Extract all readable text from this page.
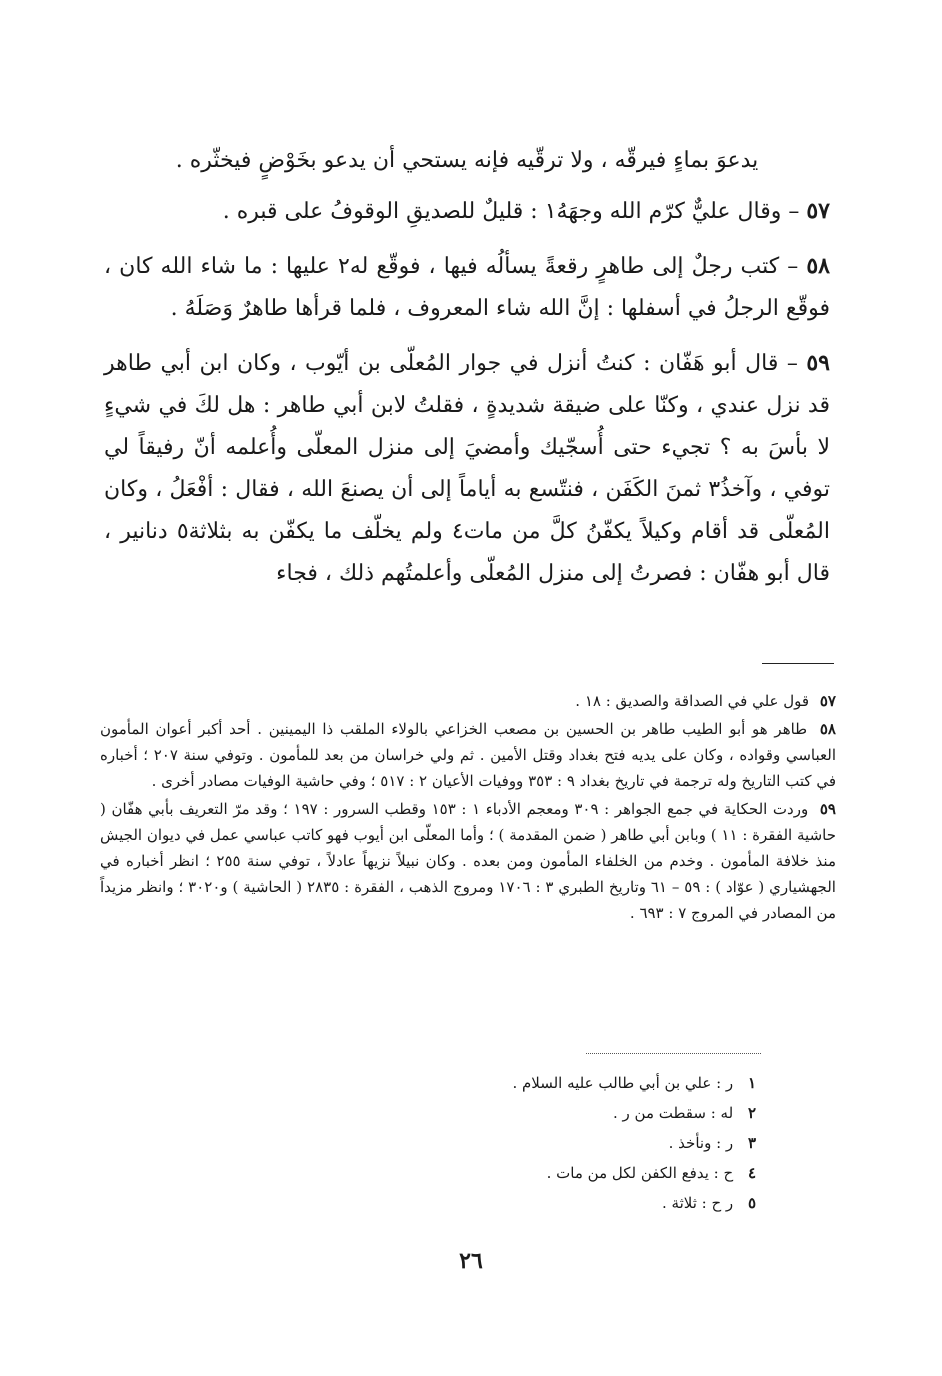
يدعوَ بماءٍ فيرقّه ، ولا ترقّيه فإنه يستحي أن يدعو بخَوْضٍ فيخثّره .

٥٧ – وقال عليٌّ كرّم الله وجهَهُ١ : قليلٌ للصديقِ الوقوفُ على قبره .

٥٨ – كتب رجلٌ إلى طاهرٍ رقعةً يسألُه فيها ، فوقّع له٢ عليها : ما شاء الله كان ، فوقّع الرجلُ في أسفلها : إنَّ الله شاء المعروف ، فلما قرأها طاهرٌ وَصَلَهُ .

٥٩ – قال أبو هَفّان : كنتُ أنزل في جوار المُعلّى بن أيّوب ، وكان ابن أبي طاهر قد نزل عندي ، وكنّا على ضيقة شديدةٍ ، فقلتُ لابن أبي طاهر : هل لكَ في شيءٍ لا بأسَ به ؟ تجيء حتى أُسجّيك وأمضيَ إلى منزل المعلّى وأُعلمه أنّ رفيقاً لي توفي ، وآخذُ٣ ثمنَ الكَفَن ، فنتّسع به أياماً إلى أن يصنعَ الله ، فقال : أفْعَلُ ، وكان المُعلّى قد أقام وكيلاً يكفّنُ كلَّ من مات٤ ولم يخلّف ما يكفّن به بثلاثة٥ دنانير ، قال أبو هفّان : فصرتُ إلى منزل المُعلّى وأعلمتُهم ذلك ، فجاء

٥٧ قول علي في الصداقة والصديق : ١٨ .

٥٨ طاهر هو أبو الطيب طاهر بن الحسين بن مصعب الخزاعي بالولاء الملقب ذا اليمينين . أحد أكبر أعوان المأمون العباسي وقواده ، وكان على يديه فتح بغداد وقتل الأمين . ثم ولي خراسان من بعد للمأمون . وتوفي سنة ٢٠٧ ؛ أخباره في كتب التاريخ وله ترجمة في تاريخ بغداد ٩ : ٣٥٣ ووفيات الأعيان ٢ : ٥١٧ ؛ وفي حاشية الوفيات مصادر أخرى .

٥٩ وردت الحكاية في جمع الجواهر : ٣٠٩ ومعجم الأدباء ١ : ١٥٣ وقطب السرور : ١٩٧ ؛ وقد مرّ التعريف بأبي هفّان ( حاشية الفقرة : ١١ ) وبابن أبي طاهر ( ضمن المقدمة ) ؛ وأما المعلّى ابن أيوب فهو كاتب عباسي عمل في ديوان الجيش منذ خلافة المأمون . وخدم من الخلفاء المأمون ومن بعده . وكان نبيلاً نزيهاً عادلاً ، توفي سنة ٢٥٥ ؛ انظر أخباره في الجهشياري ( عوّاد ) : ٥٩ – ٦١ وتاريخ الطبري ٣ : ١٧٠٦ ومروج الذهب ، الفقرة : ٢٨٣٥ ( الحاشية ) و٣٠٢٠ ؛ وانظر مزيداً من المصادر في المروج ٧ : ٦٩٣ .

١ ر : علي بن أبي طالب عليه السلام .

٢ له : سقطت من ر .

٣ ر : ونأخذ .

٤ ح : يدفع الكفن لكل من مات .

٥ ر ح : ثلاثة .

٢٦
